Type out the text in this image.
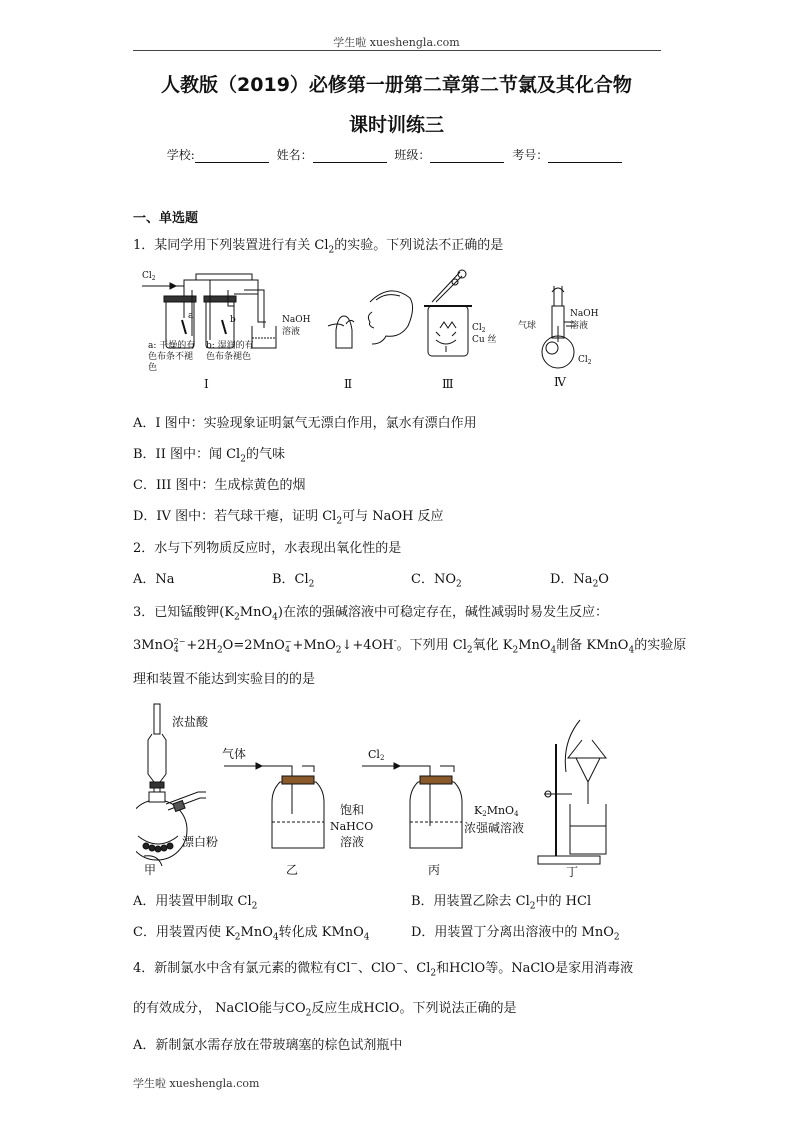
学生啦 xueshengla.com
人教版（2019）必修第一册第二章第二节氯及其化合物
课时训练三
学校:	姓名：	班级：	考号：
一、单选题
1．某同学用下列装置进行有关 $Cl_2$的实验。下列说法不正确的是
$Cl_2$
a	b	NaOH
溶液
a: 干燥的有
色布条不褪
色
b: 湿润的有
色布条褪色
Ⅰ	Ⅱ	Ⅲ	Ⅳ
$Cl_2$
Cu 丝
气球
NaOH
溶液
$Cl_2$
A．I 图中：实验现象证明氯气无漂白作用，氯水有漂白作用
B．II 图中：闻 $Cl_2$的气味
C．III 图中：生成棕黄色的烟
D．IV 图中：若气球干瘪，证明 $Cl_2$可与 NaOH 反应
2．水与下列物质反应时，水表现出氧化性的是
A．Na	B．$Cl_2$	C．$NO_2$	D．$Na_2O$
3．已知锰酸钾$(K_2MnO_4)$在浓的强碱溶液中可稳定存在，碱性减弱时易发生反应：
3MnO 2−
$4 +2H_2O=2MnO$ −
4 +MnO$_2$↓+4OH-。下列用 $Cl_2$氧化 $K_2MnO_4$制备 KMnO$_4$的实验原
理和装置不能达到实验目的的是
浓盐酸
气体	Cl2
漂白粉
饱和
NaHCO
溶液
K2MnO4
浓强碱溶液
甲	乙	丙	丁
A．用装置甲制取 $Cl_2$	B．用装置乙除去 $Cl_2$中的 HCl
C．用装置丙使 $K_2MnO_4$转化成 KMnO$_4$	D．用装置丁分离出溶液中的 MnO$_2$
4．新制氯水中含有氯元素的微粒有Cl−、ClO−、$Cl_2$和HClO等。NaClO是家用消毒液
的有效成分， NaClO能与$CO_2$反应生成HClO。下列说法正确的是
A．新制氯水需存放在带玻璃塞的棕色试剂瓶中
学生啦 xueshengla.com
